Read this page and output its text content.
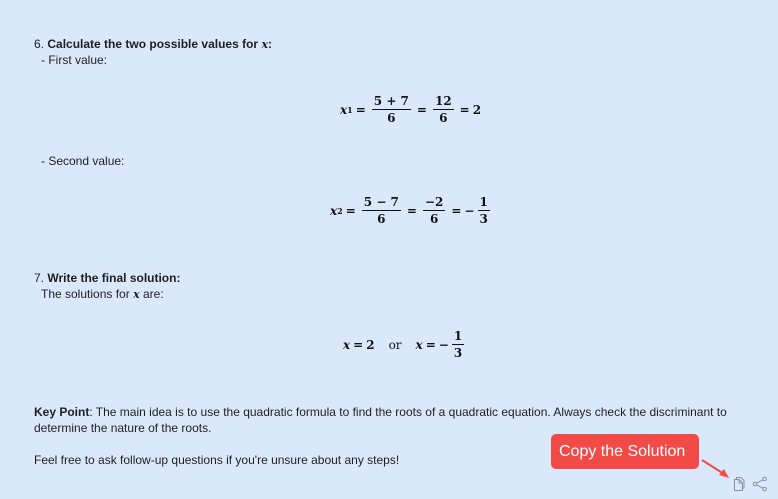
6. Calculate the two possible values for x:
- First value:
x $1 = \frac{5 + 7}{6} = \frac{12}{6} = 2$
- Second value:
x $2 = \frac{5 - 7}{6} = \frac{-2}{6}$ = − $\frac{1}{3}$
7. Write the final solution:
The solutions for x are:
x = 2 or x = − $\frac{1}{3}$
Key Point: The main idea is to use the quadratic formula to find the roots of a quadratic equation. Always check the discriminant to determine the nature of the roots.
Feel free to ask follow-up questions if you're unsure about any steps!
Copy the Solution
